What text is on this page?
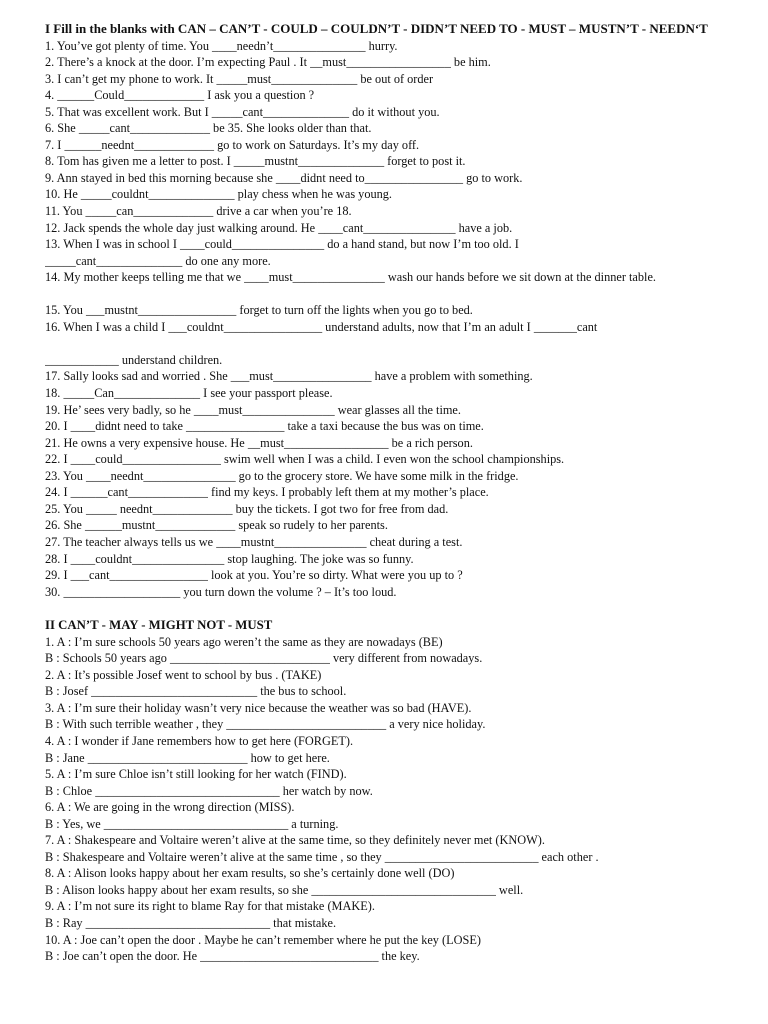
I Fill in the blanks with CAN – CAN’T - COULD – COULDN’T - DIDN’T NEED TO - MUST – MUSTN’T - NEEDN‘T
1. You’ve got plenty of time. You ____needn’t_______________ hurry.
2. There’s a knock at the door. I’m expecting Paul . It __must_________________ be him.
3. I can’t get my phone to work. It _____must______________ be out of order
4. ______Could_____________ I ask you a question ?
5. That was excellent work. But I _____cant______________ do it without you.
6. She _____cant_____________ be 35. She looks older than that.
7. I ______neednt_____________ go to work on Saturdays. It’s my day off.
8. Tom has given me a letter to post. I _____mustnt______________ forget to post it.
9. Ann stayed in bed this morning because she ____didnt need to________________ go to work.
10. He _____couldnt______________ play chess when he was young.
11. You _____can_____________ drive a car when you’re 18.
12. Jack spends the whole day just walking around. He ____cant_______________ have a job.
13. When I was in school I ____could_______________ do a hand stand, but now I’m too old. I
_____cant______________ do one any more.
14. My mother keeps telling me that we ____must_______________ wash our hands before we sit down at the dinner table.
15. You ___mustnt________________ forget to turn off the lights when you go to bed.
16. When I was a child I ___couldnt________________ understand adults, now that I’m an adult I _______cant
____________ understand children.
17. Sally looks sad and worried . She ___must________________ have a problem with something.
18. _____Can______________ I see your passport please.
19. He’ sees very badly, so he ____must_______________ wear glasses all the time.
20. I ____didnt need to take ________________ take a taxi because the bus was on time.
21. He owns a very expensive house. He __must_________________ be a rich person.
22. I ____could________________ swim well when I was a child. I even won the school championships.
23. You ____neednt_______________ go to the grocery store. We have some milk in the fridge.
24. I ______cant_____________ find my keys. I probably left them at my mother’s place.
25. You _____ neednt_____________ buy the tickets. I got two for free from dad.
26. She ______mustnt_____________ speak so rudely to her parents.
27. The teacher always tells us we ____mustnt_______________ cheat during a test.
28. I ____couldnt_______________ stop laughing. The joke was so funny.
29. I ___cant________________ look at you. You’re so dirty. What were you up to ?
30. ___________________ you turn down the volume ? – It’s too loud.
II CAN’T - MAY - MIGHT NOT - MUST
1. A : I’m sure schools 50 years ago weren’t the same as they are nowadays (BE)
B : Schools 50 years ago __________________________ very different from nowadays.
2. A : It’s possible Josef went to school by bus . (TAKE)
B : Josef ___________________________ the bus to school.
3. A : I’m sure their holiday wasn’t very nice because the weather was so bad (HAVE).
B : With such terrible weather , they __________________________ a very nice holiday.
4. A : I wonder if Jane remembers how to get here (FORGET).
B : Jane __________________________ how to get here.
5. A : I’m sure Chloe isn’t still looking for her watch (FIND).
B : Chloe ______________________________ her watch by now.
6. A : We are going in the wrong direction (MISS).
B : Yes, we ______________________________ a turning.
7. A : Shakespeare and Voltaire weren’t alive at the same time, so they definitely never met (KNOW).
B : Shakespeare and Voltaire weren’t alive at the same time , so they _________________________ each other .
8. A : Alison looks happy about her exam results, so she’s certainly done well (DO)
B : Alison looks happy about her exam results, so she ______________________________ well.
9. A : I’m not sure its right to blame Ray for that mistake (MAKE).
B : Ray ______________________________ that mistake.
10. A : Joe can’t open the door . Maybe he can’t remember where he put the key (LOSE)
B : Joe can’t open the door. He _____________________________ the key.
